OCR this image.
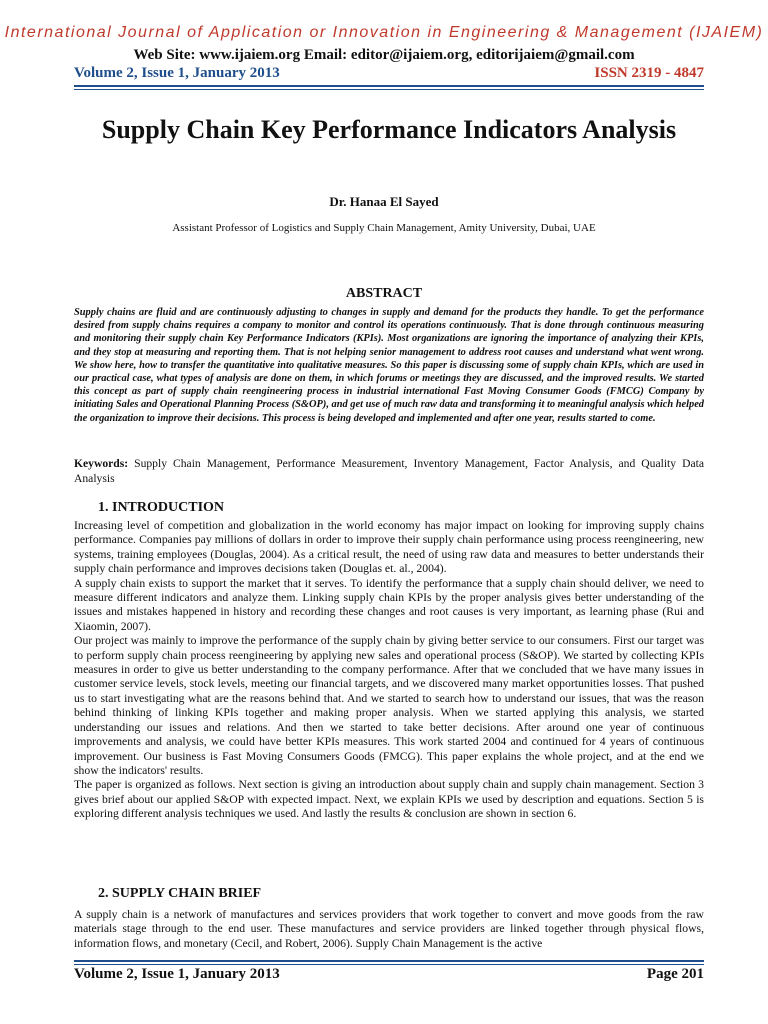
International Journal of Application or Innovation in Engineering & Management (IJAIEM)
Web Site: www.ijaiem.org Email: editor@ijaiem.org, editorijaiem@gmail.com
Volume 2, Issue 1, January 2013	ISSN 2319 - 4847
Supply Chain Key Performance Indicators Analysis
Dr. Hanaa El Sayed
Assistant Professor of Logistics and Supply Chain Management, Amity University, Dubai, UAE
ABSTRACT

Supply chains are fluid and are continuously adjusting to changes in supply and demand for the products they handle. To get the performance desired from supply chains requires a company to monitor and control its operations continuously. That is done through continuous measuring and monitoring their supply chain Key Performance Indicators (KPIs). Most organizations are ignoring the importance of analyzing their KPIs, and they stop at measuring and reporting them. That is not helping senior management to address root causes and understand what went wrong. We show here, how to transfer the quantitative into qualitative measures. So this paper is discussing some of supply chain KPIs, which are used in our practical case, what types of analysis are done on them, in which forums or meetings they are discussed, and the improved results. We started this concept as part of supply chain reengineering process in industrial international Fast Moving Consumer Goods (FMCG) Company by initiating Sales and Operational Planning Process (S&OP), and get use of much raw data and transforming it to meaningful analysis which helped the organization to improve their decisions. This process is being developed and implemented and after one year, results started to come.

Keywords: Supply Chain Management, Performance Measurement, Inventory Management, Factor Analysis, and Quality Data Analysis

1. INTRODUCTION

Increasing level of competition and globalization in the world economy has major impact on looking for improving supply chains performance. Companies pay millions of dollars in order to improve their supply chain performance using process reengineering, new systems, training employees (Douglas, 2004). As a critical result, the need of using raw data and measures to better understands their supply chain performance and improves decisions taken (Douglas et. al., 2004).

A supply chain exists to support the market that it serves. To identify the performance that a supply chain should deliver, we need to measure different indicators and analyze them. Linking supply chain KPIs by the proper analysis gives better understanding of the issues and mistakes happened in history and recording these changes and root causes is very important, as learning phase (Rui and Xiaomin, 2007).

Our project was mainly to improve the performance of the supply chain by giving better service to our consumers. First our target was to perform supply chain process reengineering by applying new sales and operational process (S&OP). We started by collecting KPIs measures in order to give us better understanding to the company performance. After that we concluded that we have many issues in customer service levels, stock levels, meeting our financial targets, and we discovered many market opportunities losses. That pushed us to start investigating what are the reasons behind that. And we started to search how to understand our issues, that was the reason behind thinking of linking KPIs together and making proper analysis. When we started applying this analysis, we started understanding our issues and relations. And then we started to take better decisions. After around one year of continuous improvements and analysis, we could have better KPIs measures. This work started 2004 and continued for 4 years of continuous improvement. Our business is Fast Moving Consumers Goods (FMCG). This paper explains the whole project, and at the end we show the indicators' results.

The paper is organized as follows. Next section is giving an introduction about supply chain and supply chain management. Section 3 gives brief about our applied S&OP with expected impact. Next, we explain KPIs we used by description and equations. Section 5 is exploring different analysis techniques we used. And lastly the results & conclusion are shown in section 6.

2. SUPPLY CHAIN BRIEF

A supply chain is a network of manufactures and services providers that work together to convert and move goods from the raw materials stage through to the end user. These manufactures and service providers are linked together through physical flows, information flows, and monetary (Cecil, and Robert, 2006). Supply Chain Management is the active

Volume 2, Issue 1, January 2013	Page 201
